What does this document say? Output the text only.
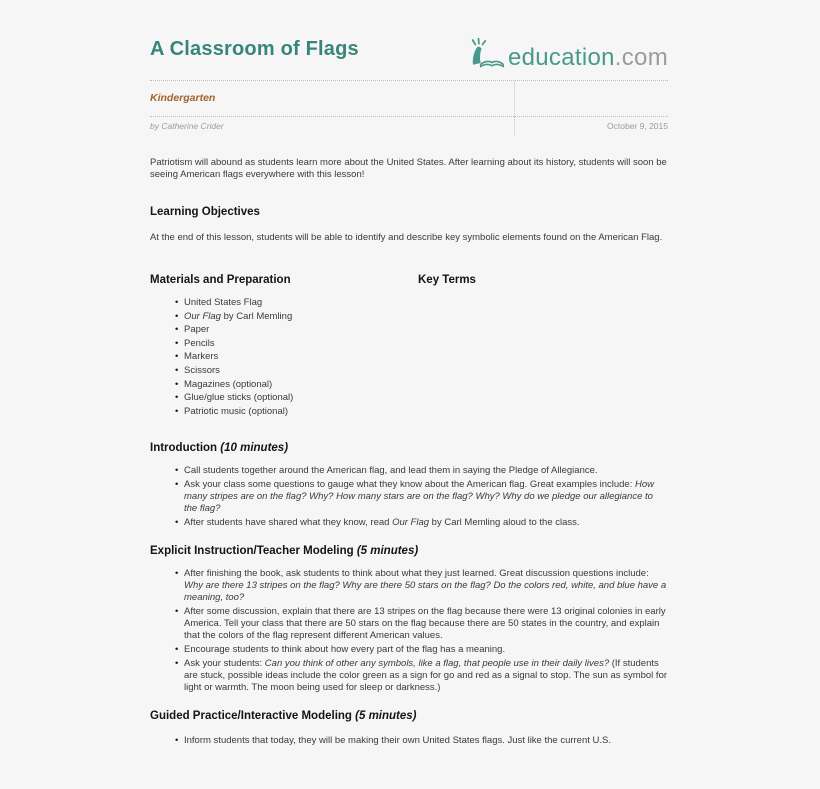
A Classroom of Flags	education.com
Kindergarten
by Catherine Crider	October 9, 2015

Patriotism will abound as students learn more about the United States. After learning about its history, students will soon be seeing American flags everywhere with this lesson!

Learning Objectives

At the end of this lesson, students will be able to identify and describe key symbolic elements found on the American Flag.

Materials and Preparation
• United States Flag
• Our Flag by Carl Memling
• Paper
• Pencils
• Markers
• Scissors
• Magazines (optional)
• Glue/glue sticks (optional)
• Patriotic music (optional)
Key Terms
Introduction (10 minutes)
• Call students together around the American flag, and lead them in saying the Pledge of Allegiance.
• Ask your class some questions to gauge what they know about the American flag. Great examples include: How many stripes are on the flag? Why? How many stars are on the flag? Why? Why do we pledge our allegiance to the flag?
• After students have shared what they know, read Our Flag by Carl Memling aloud to the class.
Explicit Instruction/Teacher Modeling (5 minutes)
• After finishing the book, ask students to think about what they just learned. Great discussion questions include: Why are there 13 stripes on the flag? Why are there 50 stars on the flag? Do the colors red, white, and blue have a meaning, too?
• After some discussion, explain that there are 13 stripes on the flag because there were 13 original colonies in early America. Tell your class that there are 50 stars on the flag because there are 50 states in the country, and explain that the colors of the flag represent different American values.
• Encourage students to think about how every part of the flag has a meaning.
• Ask your students: Can you think of other any symbols, like a flag, that people use in their daily lives? (If students are stuck, possible ideas include the color green as a sign for go and red as a signal to stop. The sun as symbol for light or warmth. The moon being used for sleep or darkness.)
Guided Practice/Interactive Modeling (5 minutes)
• Inform students that today, they will be making their own United States flags. Just like the current U.S.
